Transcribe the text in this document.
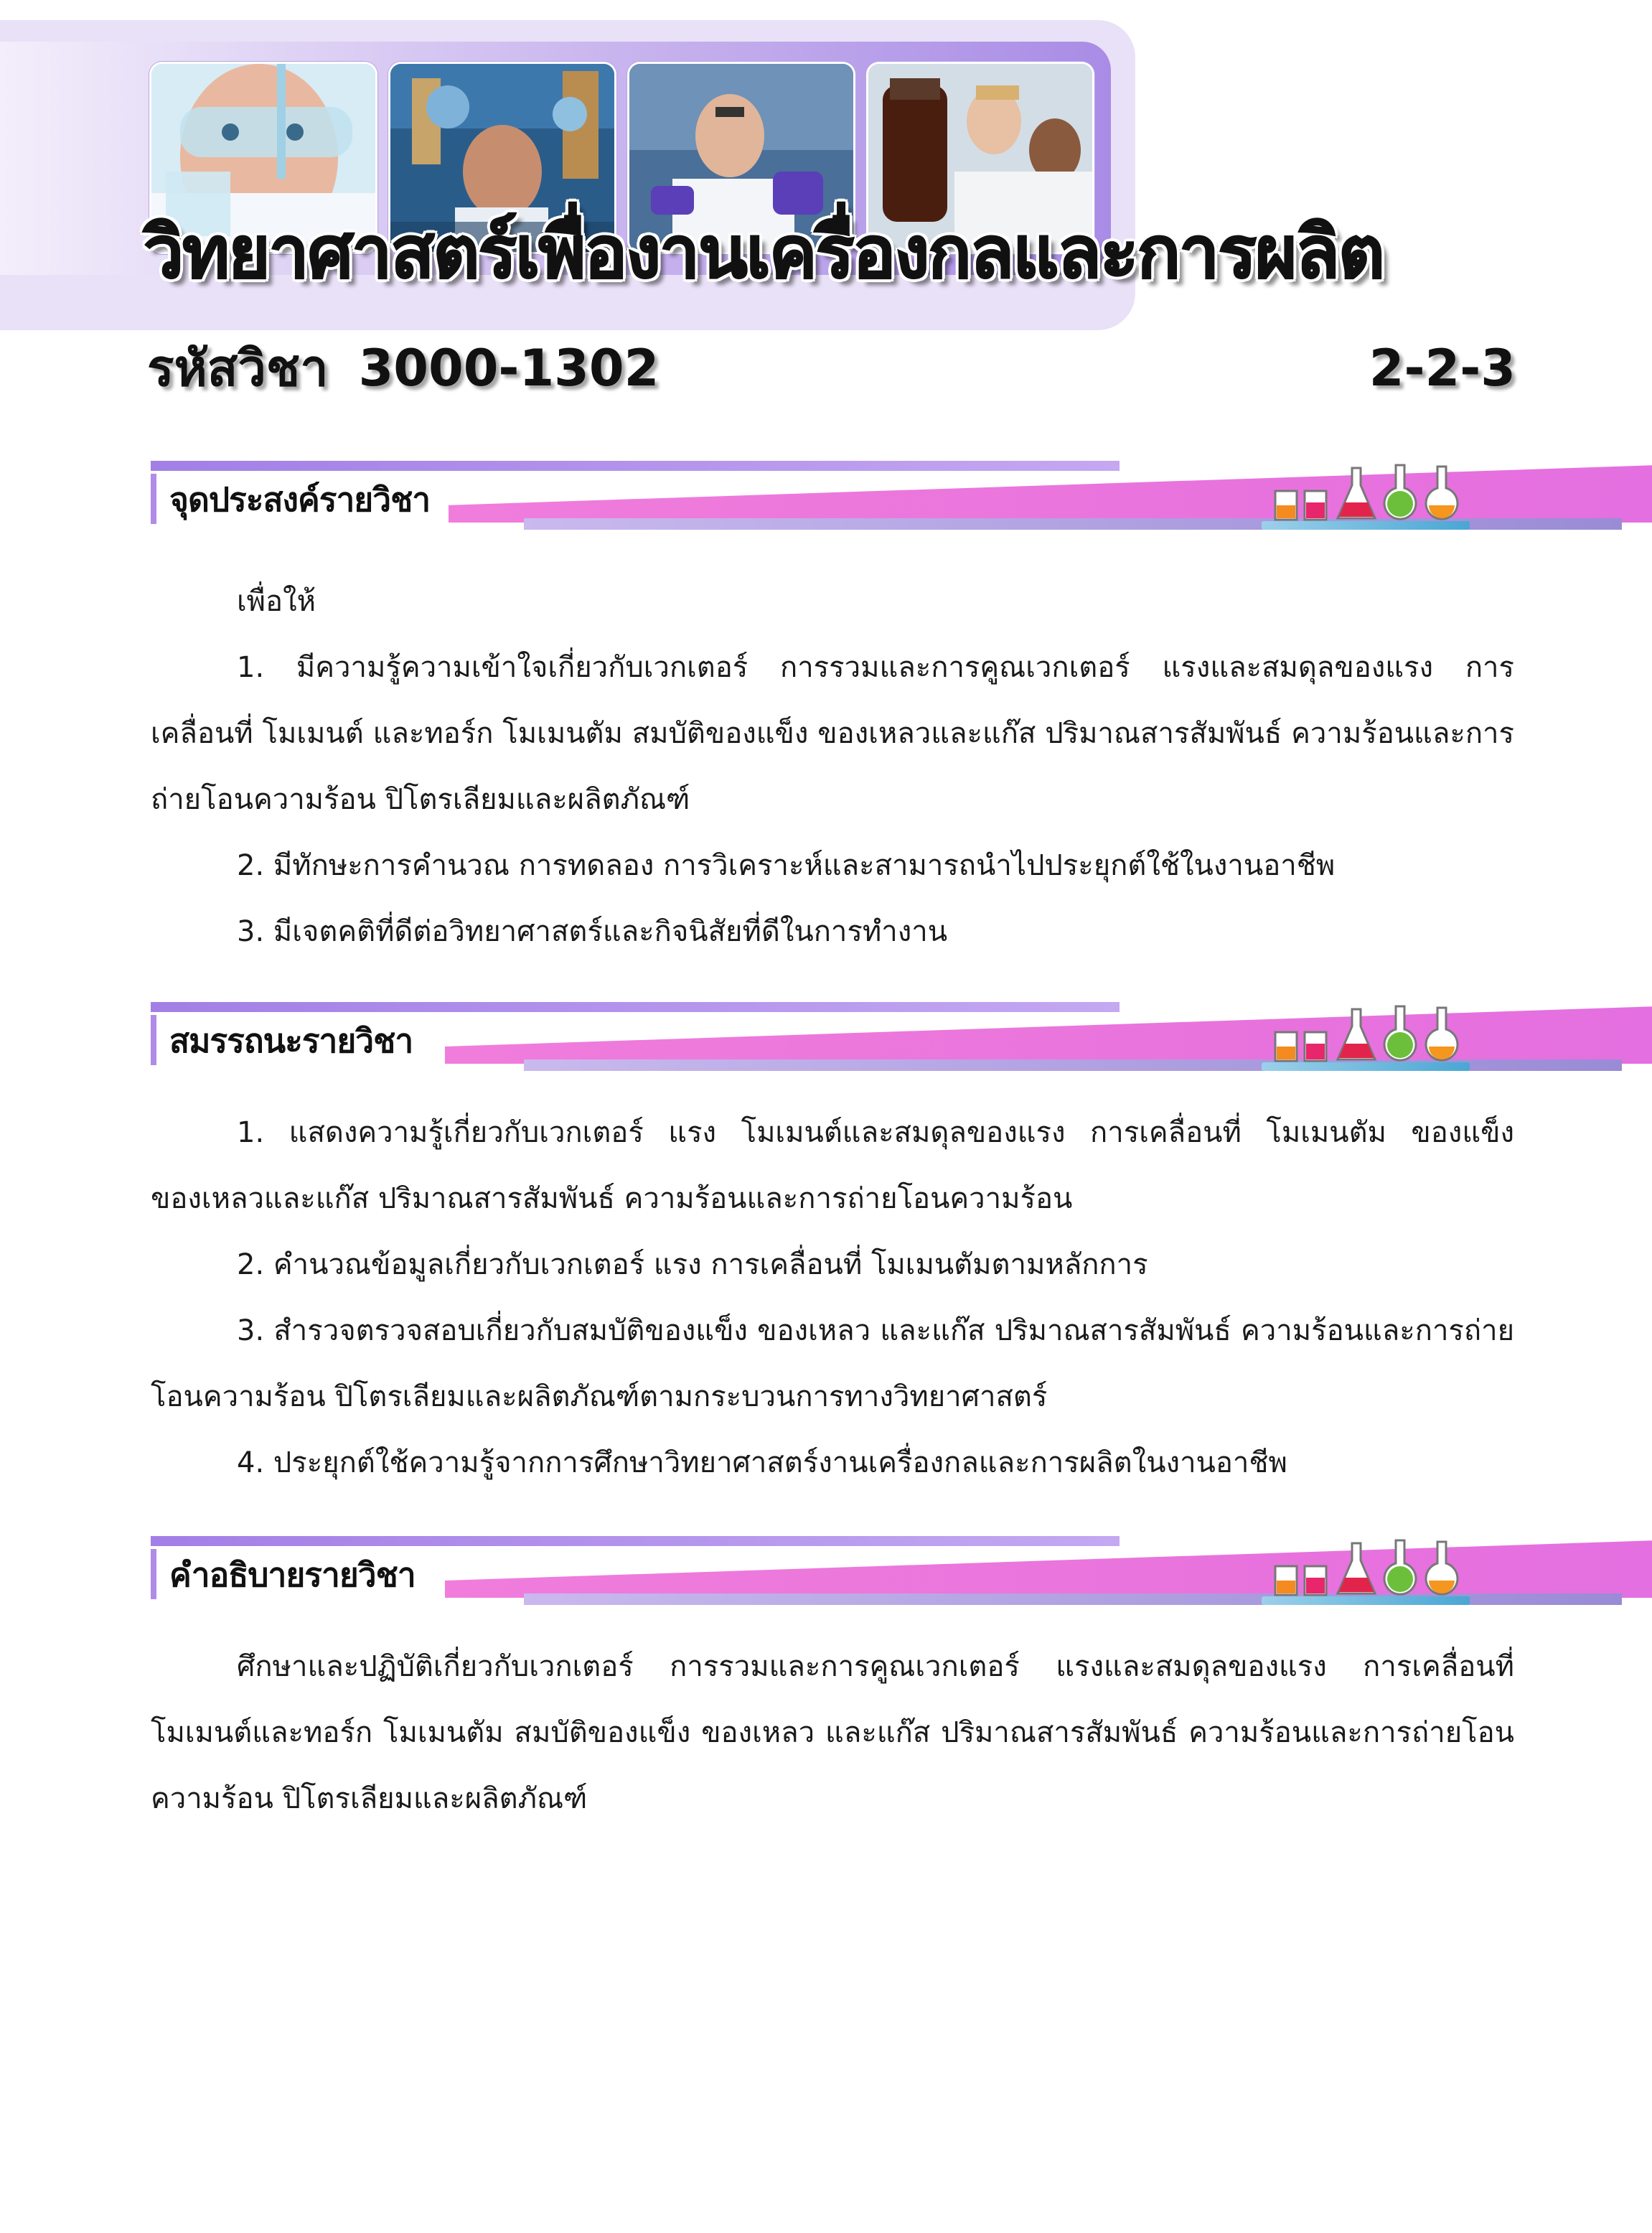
วิทยาศาสตร์เพื่องานเครื่องกลและการผลิต
รหัสวิชา 3000-1302	2-2-3
จุดประสงค์รายวิชา

เพื่อให้

1. มีความรู้ความเข้าใจเกี่ยวกับเวกเตอร์ การรวมและการคูณเวกเตอร์ แรงและสมดุลของแรง การเคลื่อนที่ โมเมนต์ และทอร์ก โมเมนตัม สมบัติของแข็ง ของเหลวและแก๊ส ปริมาณสารสัมพันธ์ ความร้อนและการถ่ายโอนความร้อน ปิโตรเลียมและผลิตภัณฑ์

2. มีทักษะการคำนวณ การทดลอง การวิเคราะห์และสามารถนำไปประยุกต์ใช้ในงานอาชีพ

3. มีเจตคติที่ดีต่อวิทยาศาสตร์และกิจนิสัยที่ดีในการทำงาน

สมรรถนะรายวิชา

1. แสดงความรู้เกี่ยวกับเวกเตอร์ แรง โมเมนต์และสมดุลของแรง การเคลื่อนที่ โมเมนตัม ของแข็ง ของเหลวและแก๊ส ปริมาณสารสัมพันธ์ ความร้อนและการถ่ายโอนความร้อน

2. คำนวณข้อมูลเกี่ยวกับเวกเตอร์ แรง การเคลื่อนที่ โมเมนตัมตามหลักการ

3. สำรวจตรวจสอบเกี่ยวกับสมบัติของแข็ง ของเหลว และแก๊ส ปริมาณสารสัมพันธ์ ความร้อนและการถ่ายโอนความร้อน ปิโตรเลียมและผลิตภัณฑ์ตามกระบวนการทางวิทยาศาสตร์

4. ประยุกต์ใช้ความรู้จากการศึกษาวิทยาศาสตร์งานเครื่องกลและการผลิตในงานอาชีพ

คำอธิบายรายวิชา

ศึกษาและปฏิบัติเกี่ยวกับเวกเตอร์ การรวมและการคูณเวกเตอร์ แรงและสมดุลของแรง การเคลื่อนที่ โมเมนต์และทอร์ก โมเมนตัม สมบัติของแข็ง ของเหลว และแก๊ส ปริมาณสารสัมพันธ์ ความร้อนและการถ่ายโอนความร้อน ปิโตรเลียมและผลิตภัณฑ์
